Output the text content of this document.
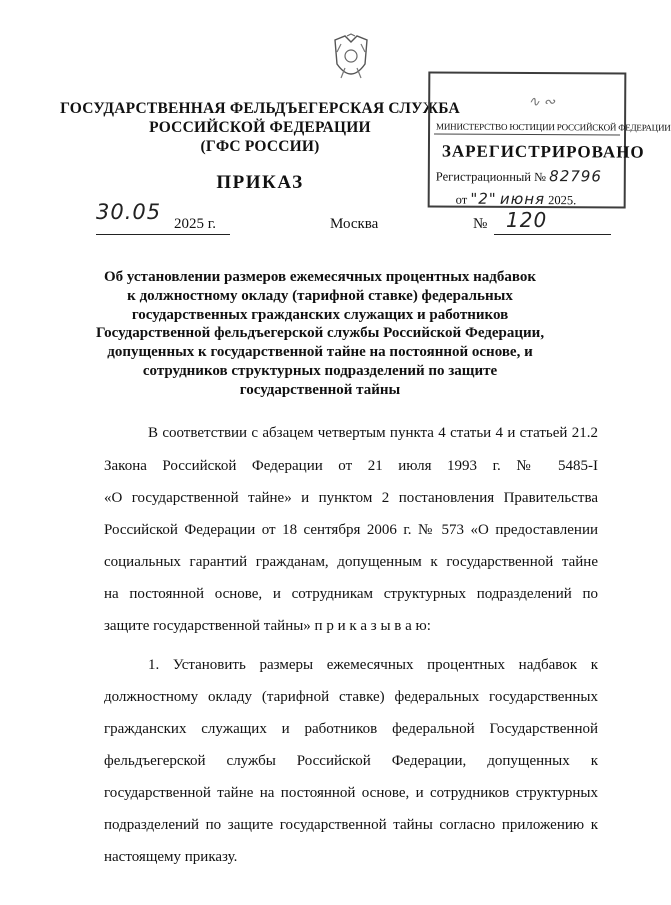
ГОСУДАРСТВЕННАЯ ФЕЛЬДЪЕГЕРСКАЯ СЛУЖБА
РОССИЙСКОЙ ФЕДЕРАЦИИ
(ГФС РОССИИ)
ПРИКАЗ
∿ ∾
МИНИСТЕРСТВО ЮСТИЦИИ РОССИЙСКОЙ ФЕДЕРАЦИИ
ЗАРЕГИСТРИРОВАНО
Регистрационный № 82796
от "2" июня 2025.
30.05 2025 г.	Москва	№ 120
Об установлении размеров ежемесячных процентных надбавок
к должностному окладу (тарифной ставке) федеральных
государственных гражданских служащих и работников
Государственной фельдъегерской службы Российской Федерации,
допущенных к государственной тайне на постоянной основе, и
сотрудников структурных подразделений по защите
государственной тайны
В соответствии с абзацем четвертым пункта 4 статьи 4 и статьей 21.2
Закона Российской Федерации от 21 июля 1993 г. № 5485-I
«О государственной тайне» и пунктом 2 постановления Правительства
Российской Федерации от 18 сентября 2006 г. № 573 «О предоставлении
социальных гарантий гражданам, допущенным к государственной тайне
на постоянной основе, и сотрудникам структурных подразделений по
защите государственной тайны» п р и к а з ы в а ю:
1. Установить размеры ежемесячных процентных надбавок к
должностному окладу (тарифной ставке) федеральных государственных
гражданских служащих и работников федеральной Государственной
фельдъегерской службы Российской Федерации, допущенных к
государственной тайне на постоянной основе, и сотрудников структурных
подразделений по защите государственной тайны согласно приложению к
настоящему приказу.
